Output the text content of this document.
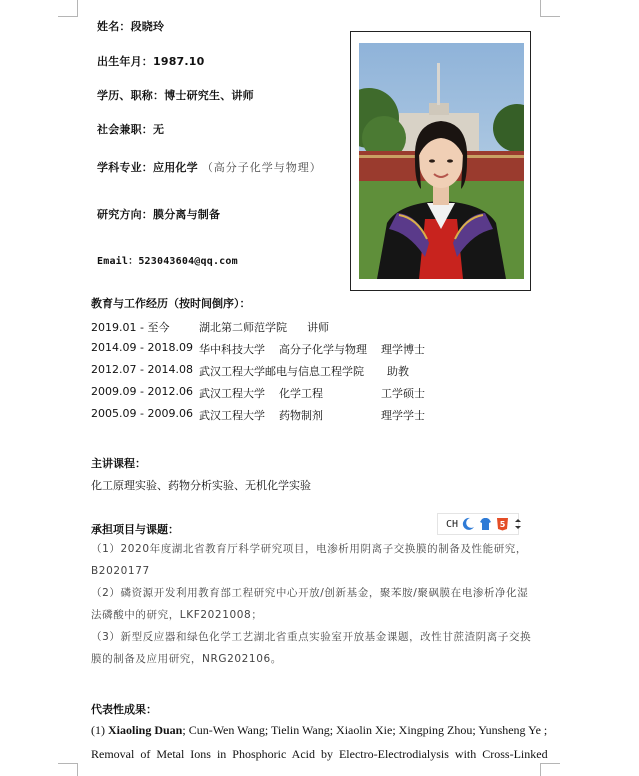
姓名：段晓玲
出生年月：1987.10
学历、职称：博士研究生、讲师
社会兼职：无
学科专业：应用化学 （高分子化学与物理）
研究方向：膜分离与制备
Email：523043604@qq.com
教育与工作经历（按时间倒序）：
2019.01 - 至今	湖北第二师范学院 讲师
2014.09 - 2018.09 华中科技大学 高分子化学与物理 理学博士
2012.07 - 2014.08 武汉工程大学邮电与信息工程学院 助教
2009.09 - 2012.06 武汉工程大学 化学工程	工学硕士
2005.09 - 2009.06 武汉工程大学 药物制剂	理学学士
主讲课程：
化工原理实验、药物分析实验、无机化学实验
承担项目与课题：	CH	5
（1）2020年度湖北省教育厅科学研究项目，电渗析用阴离子交换膜的制备及性能研究，
B2020177
（2）磷资源开发利用教育部工程研究中心开放/创新基金，聚苯胺/聚砜膜在电渗析净化湿
法磷酸中的研究，LKF2021008；
（3）新型反应器和绿色化学工艺湖北省重点实验室开放基金课题，改性甘蔗渣阴离子交换
膜的制备及应用研究，NRG202106。
代表性成果：
(1) Xiaoling Duan; Cun-Wen Wang; Tielin Wang; Xiaolin Xie; Xingping Zhou; Yunsheng Ye ;
Removal  of  Metal  Ions  in  Phosphoric  Acid  by  Electro-Electrodialysis  with  Cross-Linked
